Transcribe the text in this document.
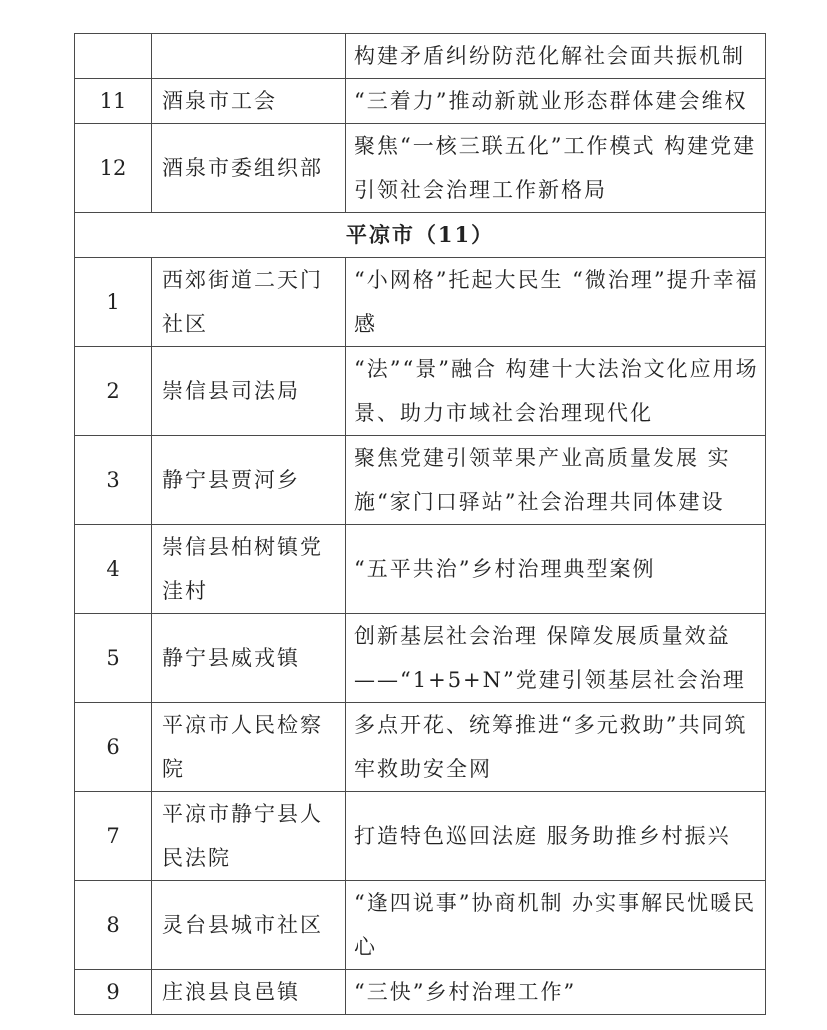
		构建矛盾纠纷防范化解社会面共振机制
11	酒泉市工会	“三着力”推动新就业形态群体建会维权
12	酒泉市委组织部	聚焦“一核三联五化”工作模式 构建党建引领社会治理工作新格局
平凉市（11）		
1	西郊街道二天门社区	“小网格”托起大民生 “微治理”提升幸福感
2	崇信县司法局	“法”“景”融合 构建十大法治文化应用场景、助力市域社会治理现代化
3	静宁县贾河乡	聚焦党建引领苹果产业高质量发展 实施“家门口驿站”社会治理共同体建设
4	崇信县柏树镇党洼村	“五平共治”乡村治理典型案例
5	静宁县威戎镇	创新基层社会治理 保障发展质量效益
——“1+5+N”党建引领基层社会治理

6	平凉市人民检察院	多点开花、统筹推进“多元救助”共同筑牢救助安全网
7	平凉市静宁县人民法院	打造特色巡回法庭 服务助推乡村振兴
8	灵台县城市社区	“逢四说事”协商机制 办实事解民忧暖民心
9	庄浪县良邑镇	“三快”乡村治理工作”
